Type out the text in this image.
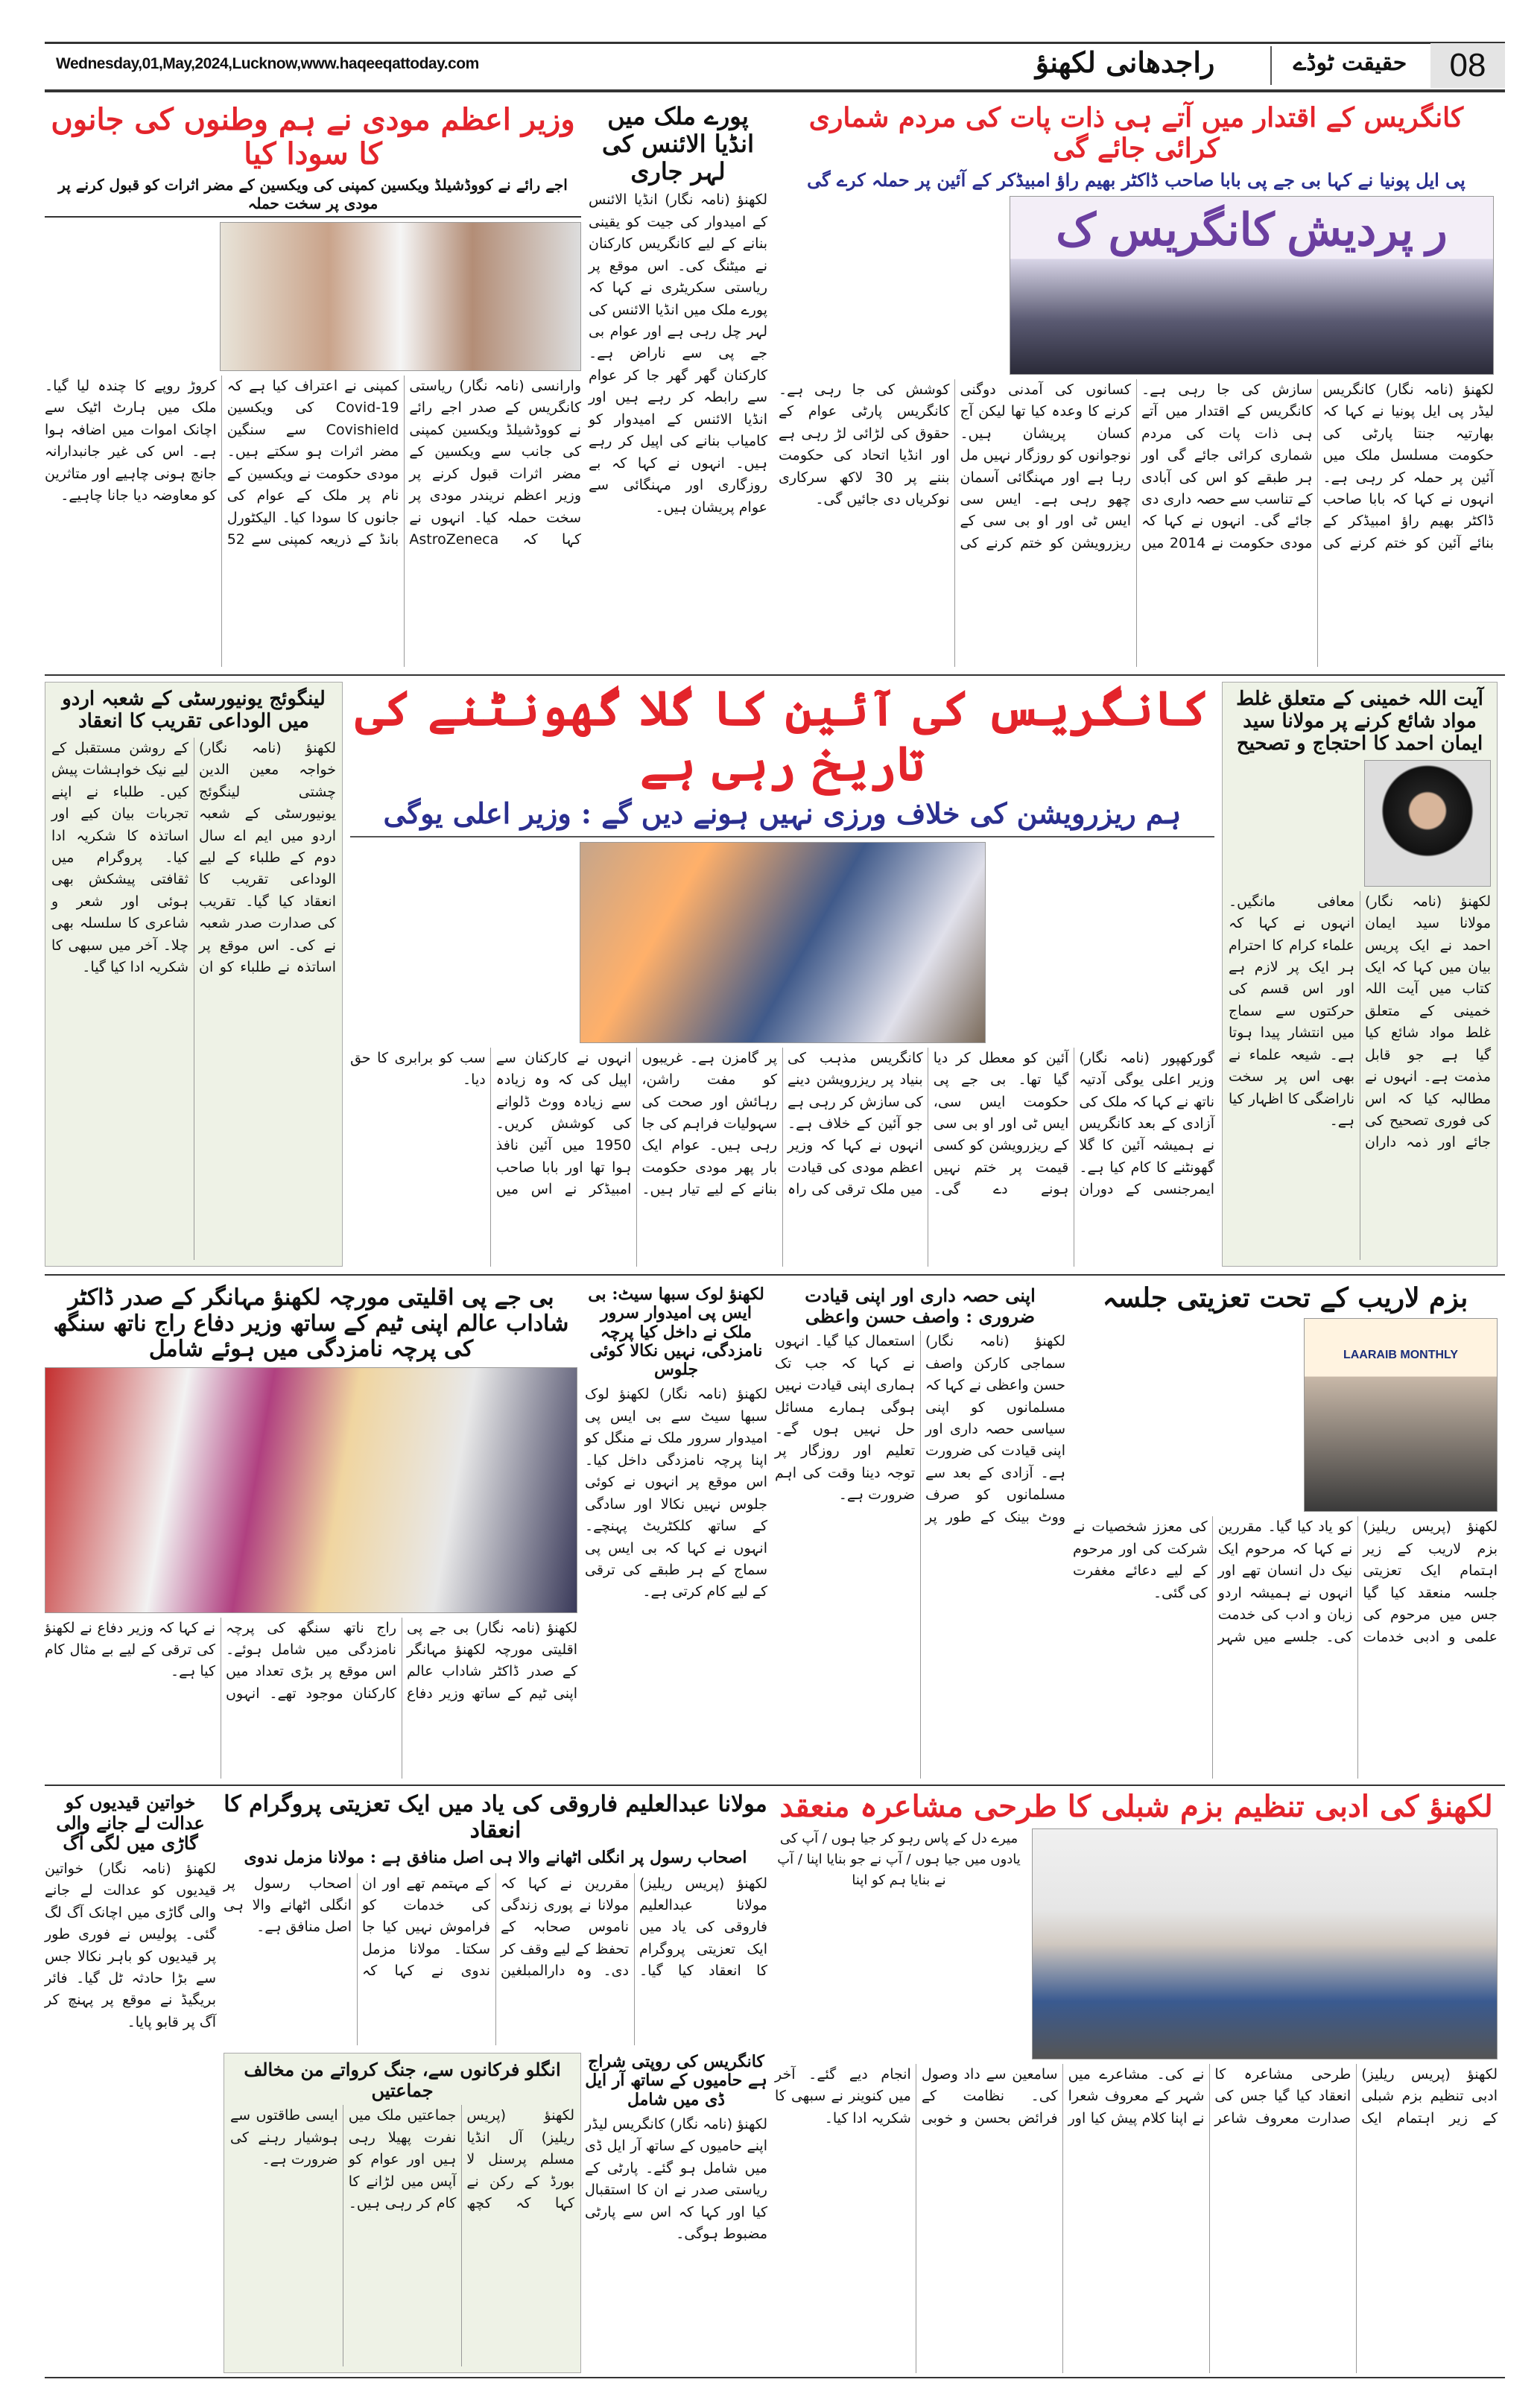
Wednesday,01,May,2024,Lucknow,www.haqeeqattoday.com	راجدھانی لکھنؤ	حقیقت ٹوڈے	08
کانگریس کے اقتدار میں آتے ہی ذات پات کی مردم شماری کرائی جائے گی
پی ایل پونیا نے کہا بی جے پی بابا صاحب ڈاکٹر بھیم راؤ امبیڈکر کے آئین پر حملہ کرے گی
ر پردیش کانگریس ک
لکھنؤ (نامہ نگار) کانگریس لیڈر پی ایل پونیا نے کہا کہ بھارتیہ جنتا پارٹی کی حکومت مسلسل ملک میں آئین پر حملہ کر رہی ہے۔ انہوں نے کہا کہ بابا صاحب ڈاکٹر بھیم راؤ امبیڈکر کے بنائے آئین کو ختم کرنے کی سازش کی جا رہی ہے۔ کانگریس کے اقتدار میں آتے ہی ذات پات کی مردم شماری کرائی جائے گی اور ہر طبقے کو اس کی آبادی کے تناسب سے حصہ داری دی جائے گی۔ انہوں نے کہا کہ مودی حکومت نے 2014 میں کسانوں کی آمدنی دوگنی کرنے کا وعدہ کیا تھا لیکن آج کسان پریشان ہیں۔ نوجوانوں کو روزگار نہیں مل رہا ہے اور مہنگائی آسمان چھو رہی ہے۔ ایس سی ایس ٹی اور او بی سی کے ریزرویشن کو ختم کرنے کی کوشش کی جا رہی ہے۔ کانگریس پارٹی عوام کے حقوق کی لڑائی لڑ رہی ہے اور انڈیا اتحاد کی حکومت بننے پر 30 لاکھ سرکاری نوکریاں دی جائیں گی۔
پورے ملک میں انڈیا الائنس کی لہر جاری
لکھنؤ (نامہ نگار) انڈیا الائنس کے امیدوار کی جیت کو یقینی بنانے کے لیے کانگریس کارکنان نے میٹنگ کی۔ اس موقع پر ریاستی سکریٹری نے کہا کہ پورے ملک میں انڈیا الائنس کی لہر چل رہی ہے اور عوام بی جے پی سے ناراض ہے۔ کارکنان گھر گھر جا کر عوام سے رابطہ کر رہے ہیں اور انڈیا الائنس کے امیدوار کو کامیاب بنانے کی اپیل کر رہے ہیں۔ انہوں نے کہا کہ بے روزگاری اور مہنگائی سے عوام پریشان ہیں۔
وزیر اعظم مودی نے ہم وطنوں کی جانوں کا سودا کیا
اجے رائے نے کووڈشیلڈ ویکسین کمپنی کی ویکسین کے مضر اثرات کو قبول کرنے پر مودی پر سخت حملہ
وارانسی (نامہ نگار) ریاستی کانگریس کے صدر اجے رائے نے کووڈشیلڈ ویکسین کمپنی کی جانب سے ویکسین کے مضر اثرات قبول کرنے پر وزیر اعظم نریندر مودی پر سخت حملہ کیا۔ انہوں نے کہا کہ AstroZeneca کمپنی نے اعتراف کیا ہے کہ Covid-19 کی ویکسین Covishield سے سنگین مضر اثرات ہو سکتے ہیں۔ مودی حکومت نے ویکسین کے نام پر ملک کے عوام کی جانوں کا سودا کیا۔ الیکٹورل بانڈ کے ذریعہ کمپنی سے 52 کروڑ روپے کا چندہ لیا گیا۔ ملک میں ہارٹ اٹیک سے اچانک اموات میں اضافہ ہوا ہے۔ اس کی غیر جانبدارانہ جانچ ہونی چاہیے اور متاثرین کو معاوضہ دیا جانا چاہیے۔
آیت اللہ خمینی کے متعلق غلط مواد شائع کرنے پر مولانا سید ایمان احمد کا احتجاج و تصحیح
لکھنؤ (نامہ نگار) مولانا سید ایمان احمد نے ایک پریس بیان میں کہا کہ ایک کتاب میں آیت اللہ خمینی کے متعلق غلط مواد شائع کیا گیا ہے جو قابل مذمت ہے۔ انہوں نے مطالبہ کیا کہ اس کی فوری تصحیح کی جائے اور ذمہ داران معافی مانگیں۔ انہوں نے کہا کہ علماء کرام کا احترام ہر ایک پر لازم ہے اور اس قسم کی حرکتوں سے سماج میں انتشار پیدا ہوتا ہے۔ شیعہ علماء نے بھی اس پر سخت ناراضگی کا اظہار کیا ہے۔
کانگریس کی آئین کا گلا گھونٹنے کی تاریخ رہی ہے
ہم ریزرویشن کی خلاف ورزی نہیں ہونے دیں گے : وزیر اعلی یوگی
گورکھپور (نامہ نگار) وزیر اعلی یوگی آدتیہ ناتھ نے کہا کہ ملک کی آزادی کے بعد کانگریس نے ہمیشہ آئین کا گلا گھونٹنے کا کام کیا ہے۔ ایمرجنسی کے دوران آئین کو معطل کر دیا گیا تھا۔ بی جے پی حکومت ایس سی، ایس ٹی اور او بی سی کے ریزرویشن کو کسی قیمت پر ختم نہیں ہونے دے گی۔ کانگریس مذہب کی بنیاد پر ریزرویشن دینے کی سازش کر رہی ہے جو آئین کے خلاف ہے۔ انہوں نے کہا کہ وزیر اعظم مودی کی قیادت میں ملک ترقی کی راہ پر گامزن ہے۔ غریبوں کو مفت راشن، رہائش اور صحت کی سہولیات فراہم کی جا رہی ہیں۔ عوام ایک بار پھر مودی حکومت بنانے کے لیے تیار ہیں۔ انہوں نے کارکنان سے اپیل کی کہ وہ زیادہ سے زیادہ ووٹ ڈلوانے کی کوشش کریں۔ 1950 میں آئین نافذ ہوا تھا اور بابا صاحب امبیڈکر نے اس میں سب کو برابری کا حق دیا۔
لینگوئج یونیورسٹی کے شعبہ اردو میں الوداعی تقریب کا انعقاد
لکھنؤ (نامہ نگار) خواجہ معین الدین چشتی لینگوئج یونیورسٹی کے شعبہ اردو میں ایم اے سال دوم کے طلباء کے لیے الوداعی تقریب کا انعقاد کیا گیا۔ تقریب کی صدارت صدر شعبہ نے کی۔ اس موقع پر اساتذہ نے طلباء کو ان کے روشن مستقبل کے لیے نیک خواہشات پیش کیں۔ طلباء نے اپنے تجربات بیان کیے اور اساتذہ کا شکریہ ادا کیا۔ پروگرام میں ثقافتی پیشکش بھی ہوئی اور شعر و شاعری کا سلسلہ بھی چلا۔ آخر میں سبھی کا شکریہ ادا کیا گیا۔
بزم لاریب کے تحت تعزیتی جلسہ
LAARAIB MONTHLY
لکھنؤ (پریس ریلیز) بزم لاریب کے زیر اہتمام ایک تعزیتی جلسہ منعقد کیا گیا جس میں مرحوم کی علمی و ادبی خدمات کو یاد کیا گیا۔ مقررین نے کہا کہ مرحوم ایک نیک دل انسان تھے اور انہوں نے ہمیشہ اردو زبان و ادب کی خدمت کی۔ جلسے میں شہر کی معزز شخصیات نے شرکت کی اور مرحوم کے لیے دعائے مغفرت کی گئی۔
اپنی حصہ داری اور اپنی قیادت ضروری : واصف حسن واعظی
لکھنؤ (نامہ نگار) سماجی کارکن واصف حسن واعظی نے کہا کہ مسلمانوں کو اپنی سیاسی حصہ داری اور اپنی قیادت کی ضرورت ہے۔ آزادی کے بعد سے مسلمانوں کو صرف ووٹ بینک کے طور پر استعمال کیا گیا۔ انہوں نے کہا کہ جب تک ہماری اپنی قیادت نہیں ہوگی ہمارے مسائل حل نہیں ہوں گے۔ تعلیم اور روزگار پر توجہ دینا وقت کی اہم ضرورت ہے۔
لکھنؤ لوک سبھا سیٹ: بی ایس پی امیدوار سرور ملک نے داخل کیا پرچہ نامزدگی، نہیں نکالا کوئی جلوس
لکھنؤ (نامہ نگار) لکھنؤ لوک سبھا سیٹ سے بی ایس پی امیدوار سرور ملک نے منگل کو اپنا پرچہ نامزدگی داخل کیا۔ اس موقع پر انہوں نے کوئی جلوس نہیں نکالا اور سادگی کے ساتھ کلکٹریٹ پہنچے۔ انہوں نے کہا کہ بی ایس پی سماج کے ہر طبقے کی ترقی کے لیے کام کرتی ہے۔
بی جے پی اقلیتی مورچہ لکھنؤ مہانگر کے صدر ڈاکٹر شاداب عالم اپنی ٹیم کے ساتھ وزیر دفاع راج ناتھ سنگھ کی پرچہ نامزدگی میں ہوئے شامل
لکھنؤ (نامہ نگار) بی جے پی اقلیتی مورچہ لکھنؤ مہانگر کے صدر ڈاکٹر شاداب عالم اپنی ٹیم کے ساتھ وزیر دفاع راج ناتھ سنگھ کی پرچہ نامزدگی میں شامل ہوئے۔ اس موقع پر بڑی تعداد میں کارکنان موجود تھے۔ انہوں نے کہا کہ وزیر دفاع نے لکھنؤ کی ترقی کے لیے بے مثال کام کیا ہے۔
لکھنؤ کی ادبی تنظیم بزم شبلی کا طرحی مشاعرہ منعقد
میرے دل کے پاس رہو کر جیا ہوں / آپ کی یادوں میں جیا ہوں / آپ نے جو بنایا اپنا / آپ نے بنایا ہم کو اپنا
لکھنؤ (پریس ریلیز) ادبی تنظیم بزم شبلی کے زیر اہتمام ایک طرحی مشاعرہ کا انعقاد کیا گیا جس کی صدارت معروف شاعر نے کی۔ مشاعرے میں شہر کے معروف شعرا نے اپنا کلام پیش کیا اور سامعین سے داد وصول کی۔ نظامت کے فرائض بحسن و خوبی انجام دیے گئے۔ آخر میں کنوینر نے سبھی کا شکریہ ادا کیا۔
مولانا عبدالعلیم فاروقی کی یاد میں ایک تعزیتی پروگرام کا انعقاد
اصحاب رسول پر انگلی اٹھانے والا ہی اصل منافق ہے : مولانا مزمل ندوی
لکھنؤ (پریس ریلیز) مولانا عبدالعلیم فاروقی کی یاد میں ایک تعزیتی پروگرام کا انعقاد کیا گیا۔ مقررین نے کہا کہ مولانا نے پوری زندگی ناموس صحابہ کے تحفظ کے لیے وقف کر دی۔ وہ دارالمبلغین کے مہتمم تھے اور ان کی خدمات کو فراموش نہیں کیا جا سکتا۔ مولانا مزمل ندوی نے کہا کہ اصحاب رسول پر انگلی اٹھانے والا ہی اصل منافق ہے۔
انگلو فرکانوں سے، جنگ کرواتے من مخالف جماعتیں
لکھنؤ (پریس ریلیز) آل انڈیا مسلم پرسنل لا بورڈ کے رکن نے کہا کہ کچھ جماعتیں ملک میں نفرت پھیلا رہی ہیں اور عوام کو آپس میں لڑانے کا کام کر رہی ہیں۔ ایسی طاقتوں سے ہوشیار رہنے کی ضرورت ہے۔
کانگریس کی روپتی شراج ہے حامیوں کے ساتھ آر ایل ڈی میں شامل
لکھنؤ (نامہ نگار) کانگریس لیڈر اپنے حامیوں کے ساتھ آر ایل ڈی میں شامل ہو گئے۔ پارٹی کے ریاستی صدر نے ان کا استقبال کیا اور کہا کہ اس سے پارٹی مضبوط ہوگی۔
خواتین قیدیوں کو عدالت لے جانے والی گاڑی میں لگی آگ
لکھنؤ (نامہ نگار) خواتین قیدیوں کو عدالت لے جانے والی گاڑی میں اچانک آگ لگ گئی۔ پولیس نے فوری طور پر قیدیوں کو باہر نکالا جس سے بڑا حادثہ ٹل گیا۔ فائر بریگیڈ نے موقع پر پہنچ کر آگ پر قابو پایا۔
